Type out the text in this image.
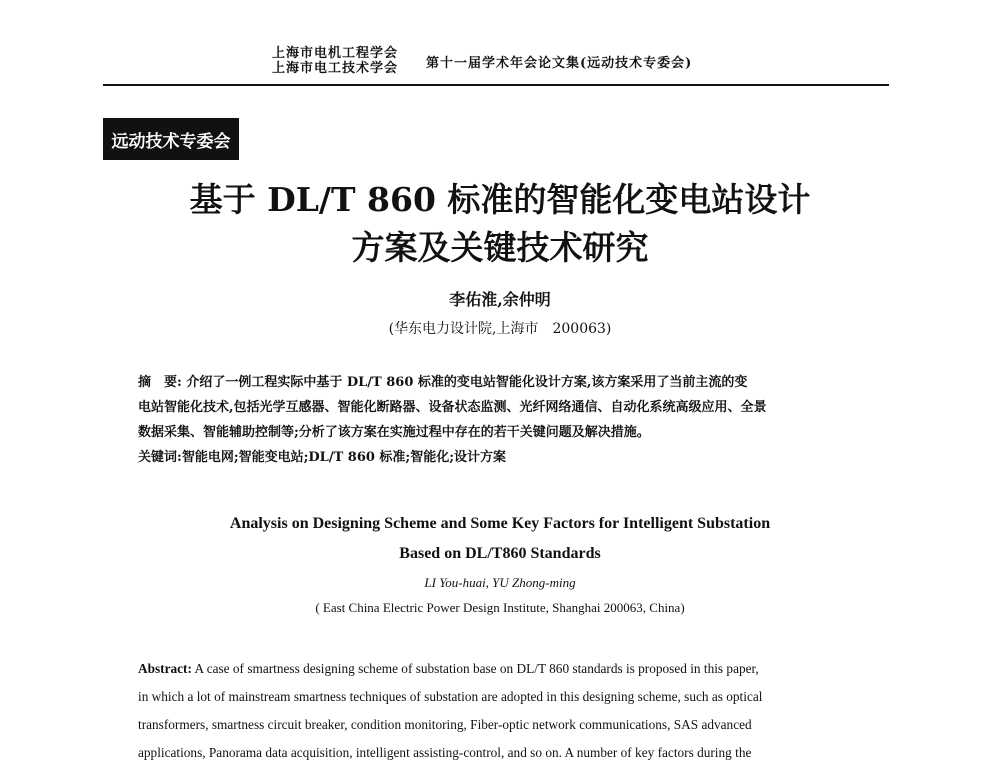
上海市电机工程学会
上海市电工技术学会 第十一届学术年会论文集(远动技术专委会)
远动技术专委会
基于 DL/T 860 标准的智能化变电站设计
方案及关键技术研究
李佑淮,余仲明
(华东电力设计院,上海市　200063)
摘　要: 介绍了一例工程实际中基于 DL/T 860 标准的变电站智能化设计方案,该方案采用了当前主流的变
电站智能化技术,包括光学互感器、智能化断路器、设备状态监测、光纤网络通信、自动化系统高级应用、全景
数据采集、智能辅助控制等;分析了该方案在实施过程中存在的若干关键问题及解决措施。
关键词:智能电网;智能变电站;DL/T 860 标准;智能化;设计方案
Analysis on Designing Scheme and Some Key Factors for Intelligent Substation
Based on DL/T860 Standards
LI You-huai, YU Zhong-ming
( East China Electric Power Design Institute, Shanghai 200063, China)
Abstract: A case of smartness designing scheme of substation base on DL/T 860 standards is proposed in this paper,
in which a lot of mainstream smartness techniques of substation are adopted in this designing scheme, such as optical
transformers, smartness circuit breaker, condition monitoring, Fiber-optic network communications, SAS advanced
applications, Panorama data acquisition, intelligent assisting-control, and so on. A number of key factors during the
